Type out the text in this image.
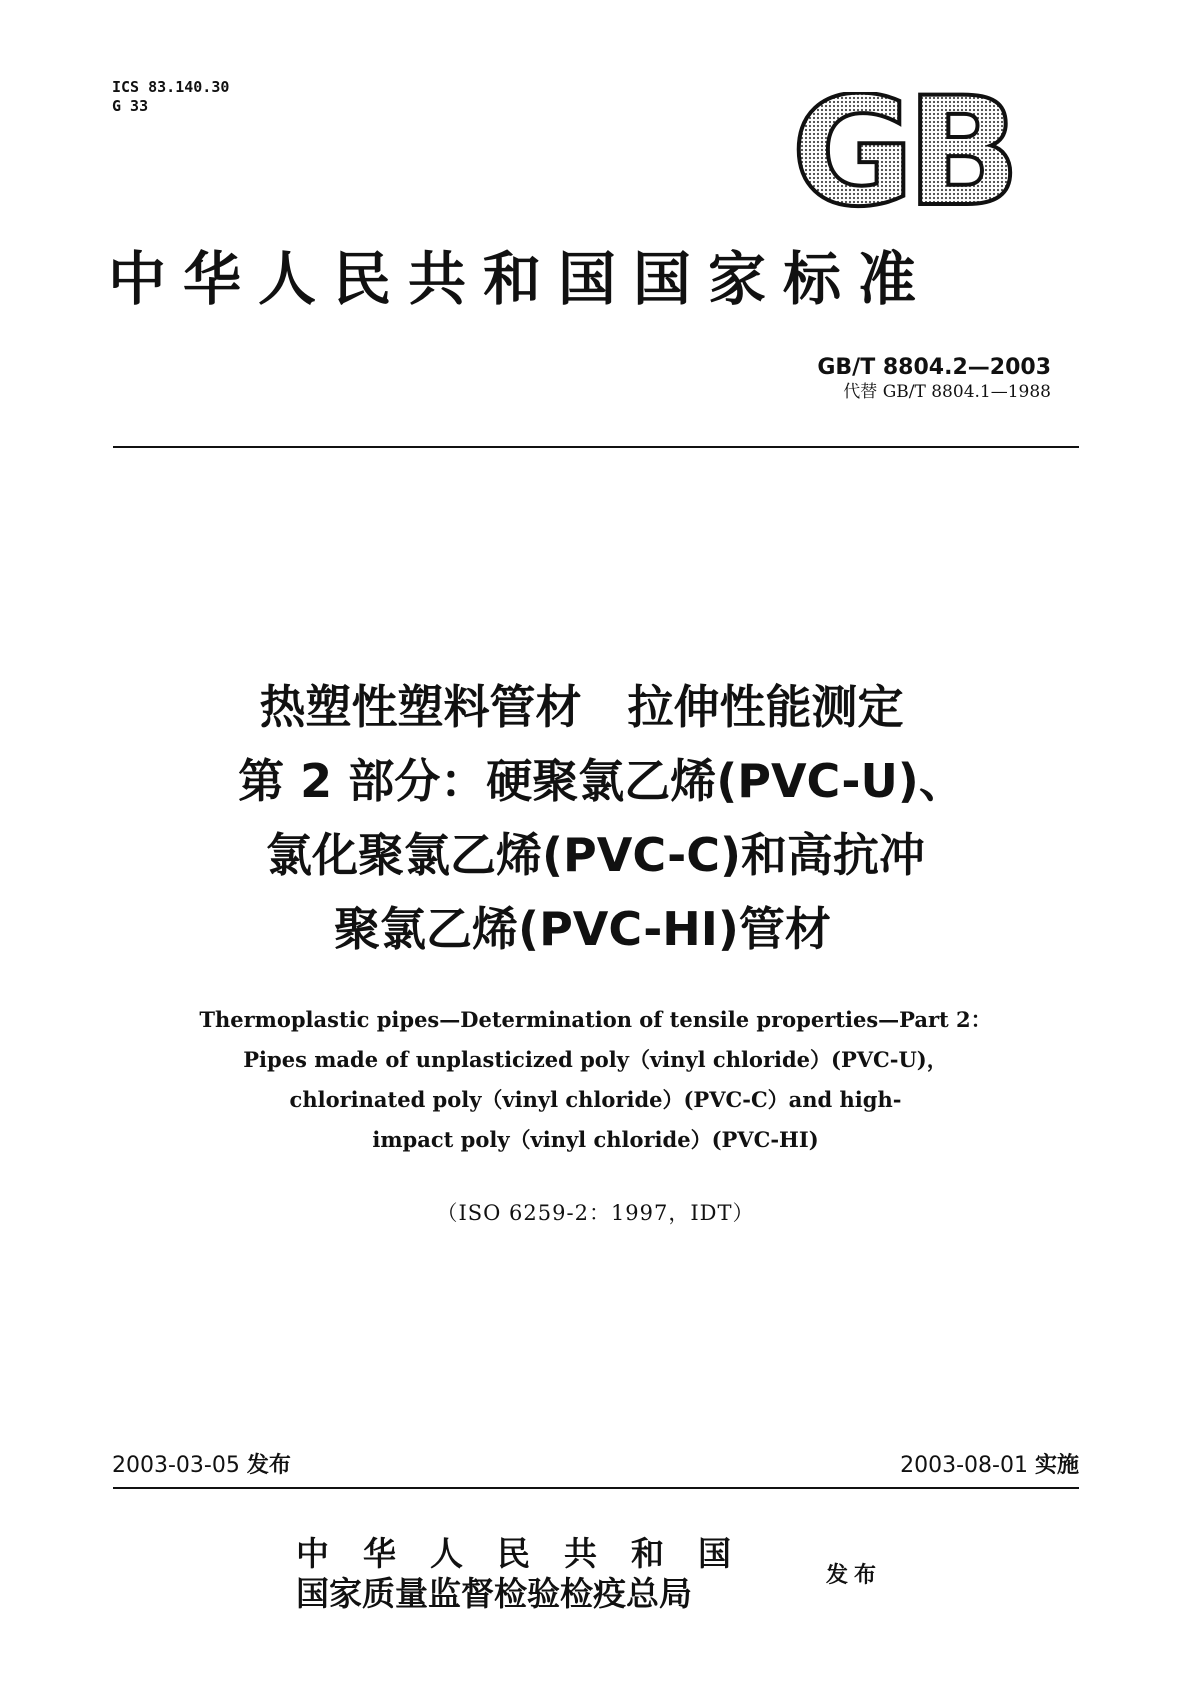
ICS 83.140.30
G 33	GB
中华人民共和国国家标准
GB/T 8804.2—2003
代替 GB/T 8804.1—1988
热塑性塑料管材　拉伸性能测定
第 2 部分：硬聚氯乙烯(PVC-U)、
氯化聚氯乙烯(PVC-C)和高抗冲
聚氯乙烯(PVC-HI)管材
Thermoplastic pipes—Determination of tensile properties—Part 2：
Pipes made of unplasticized poly（vinyl chloride）(PVC-U)，
chlorinated poly（vinyl chloride）(PVC-C）and high-
impact poly（vinyl chloride）(PVC-HI)
（ISO 6259-2：1997，IDT）
2003-03-05 发布	2003-08-01 实施
中华人民共和国
国家质量监督检验检疫总局	发布
